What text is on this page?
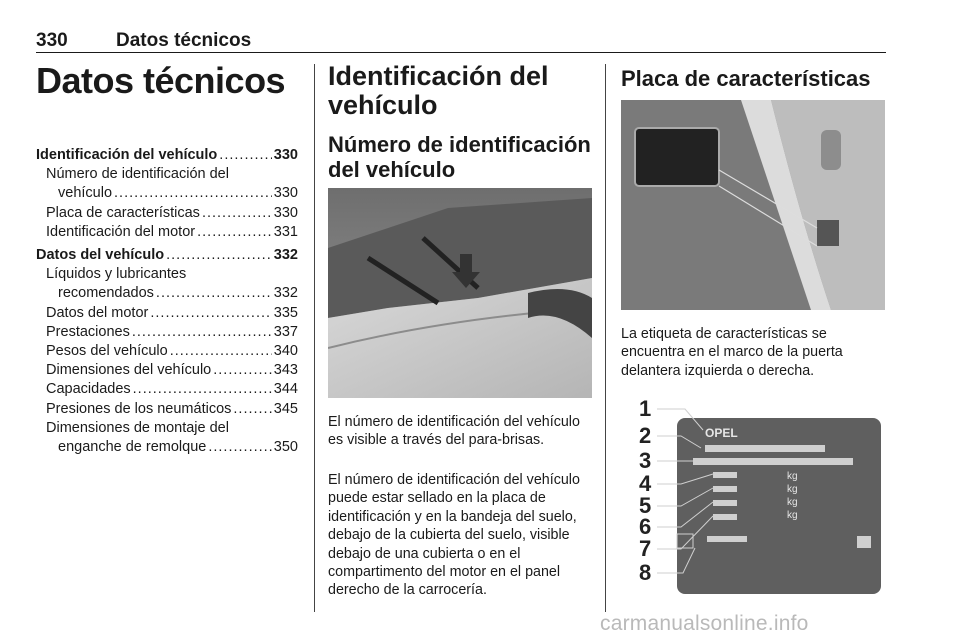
330	Datos técnicos
Datos técnicos
Identificación del vehículo .....	330
Número de identificación del
vehículo .....	330
Placa de características .....	330
Identificación del motor .....	331
Datos del vehículo .....	332
Líquidos y lubricantes
recomendados .....	332
Datos del motor .....	335
Prestaciones .....	337
Pesos del vehículo .....	340
Dimensiones del vehículo .....	343
Capacidades .....	344
Presiones de los neumáticos .....	345
Dimensiones de montaje del
enganche de remolque .....	350
Identificación del vehículo
Número de identificación del vehículo
El número de identificación del vehículo es visible a través del para-brisas.
El número de identificación del vehículo puede estar sellado en la placa de identificación y en la bandeja del suelo, debajo de la cubierta del suelo, visible debajo de una cubierta o en el compartimento del motor en el panel derecho de la carrocería.
Placa de características
La etiqueta de características se encuentra en el marco de la puerta delantera izquierda o derecha.
1
2
3
4
5
6
7
8
OPEL
kg
kg
kg
kg
carmanualsonline.info
